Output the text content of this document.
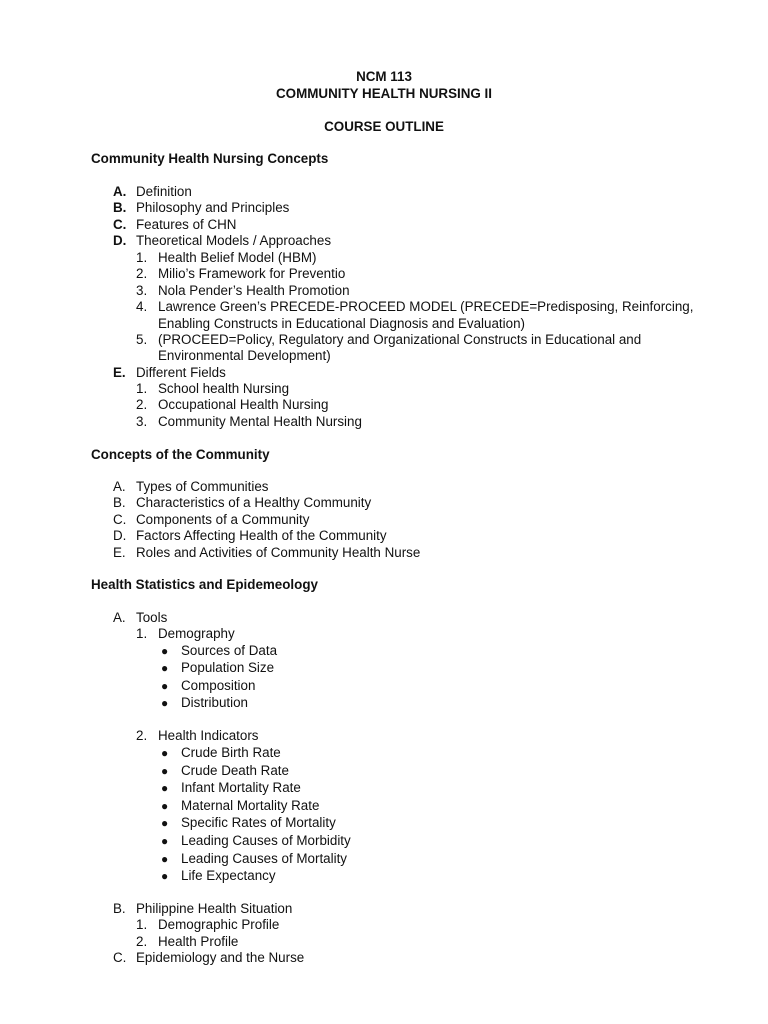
NCM 113
COMMUNITY HEALTH NURSING II
COURSE OUTLINE
Community Health Nursing Concepts
A. Definition
B. Philosophy and Principles
C. Features of CHN
D. Theoretical Models / Approaches
1. Health Belief Model (HBM)
2. Milio’s Framework for Preventio
3. Nola Pender’s Health Promotion
4. Lawrence Green’s PRECEDE-PROCEED MODEL (PRECEDE=Predisposing, Reinforcing,
Enabling Constructs in Educational Diagnosis and Evaluation)
5. (PROCEED=Policy, Regulatory and Organizational Constructs in Educational and
Environmental Development)
E. Different Fields
1. School health Nursing
2. Occupational Health Nursing
3. Community Mental Health Nursing
Concepts of the Community
A. Types of Communities
B. Characteristics of a Healthy Community
C. Components of a Community
D. Factors Affecting Health of the Community
E. Roles and Activities of Community Health Nurse
Health Statistics and Epidemeology
A. Tools
1. Demography
● Sources of Data
● Population Size
● Composition
● Distribution
2. Health Indicators
● Crude Birth Rate
● Crude Death Rate
● Infant Mortality Rate
● Maternal Mortality Rate
● Specific Rates of Mortality
● Leading Causes of Morbidity
● Leading Causes of Mortality
● Life Expectancy
B. Philippine Health Situation
1. Demographic Profile
2. Health Profile
C. Epidemiology and the Nurse
